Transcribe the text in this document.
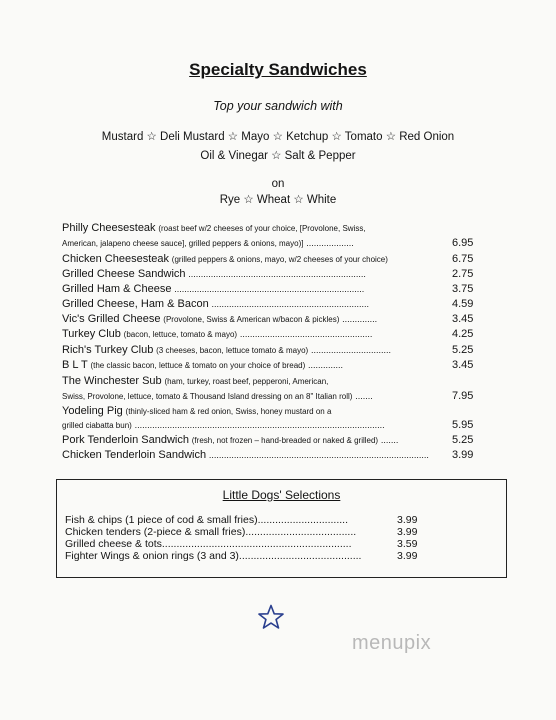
Specialty Sandwiches
Top your sandwich with
Mustard ☆ Deli Mustard ☆ Mayo ☆ Ketchup ☆ Tomato ☆ Red Onion
Oil & Vinegar ☆ Salt & Pepper
on
Rye ☆ Wheat ☆ White
Philly Cheesesteak (roast beef w/2 cheeses of your choice, [Provolone, Swiss,
American, jalapeno cheese sauce], grilled peppers & onions, mayo)] ...................	6.95
Chicken Cheesesteak (grilled peppers & onions, mayo, w/2 cheeses of your choice)	6.75
Grilled Cheese Sandwich .......................................................................	2.75
Grilled Ham & Cheese ............................................................................	3.75
Grilled Cheese, Ham & Bacon ...............................................................	4.59
Vic's Grilled Cheese (Provolone, Swiss & American w/bacon & pickles) ..............	3.45
Turkey Club (bacon, lettuce, tomato & mayo) .....................................................	4.25
Rich's Turkey Club (3 cheeses, bacon, lettuce tomato & mayo) ................................	5.25
B L T (the classic bacon, lettuce & tomato on your choice of bread) ..............	3.45
The Winchester Sub (ham, turkey, roast beef, pepperoni, American,
Swiss, Provolone, lettuce, tomato & Thousand Island dressing on an 8" Italian roll) .......	7.95
Yodeling Pig (thinly-sliced ham & red onion, Swiss, honey mustard on a
grilled ciabatta bun) ....................................................................................................	5.95
Pork Tenderloin Sandwich (fresh, not frozen – hand-breaded or naked & grilled) .......	5.25
Chicken Tenderloin Sandwich ........................................................................................	3.99
Little Dogs' Selections
Fish & chips (1 piece of cod & small fries)...............................	3.99
Chicken tenders (2-piece & small fries)......................................	3.99
Grilled cheese & tots.................................................................	3.59
Fighter Wings & onion rings (3 and 3)..........................................	3.99
menupix
